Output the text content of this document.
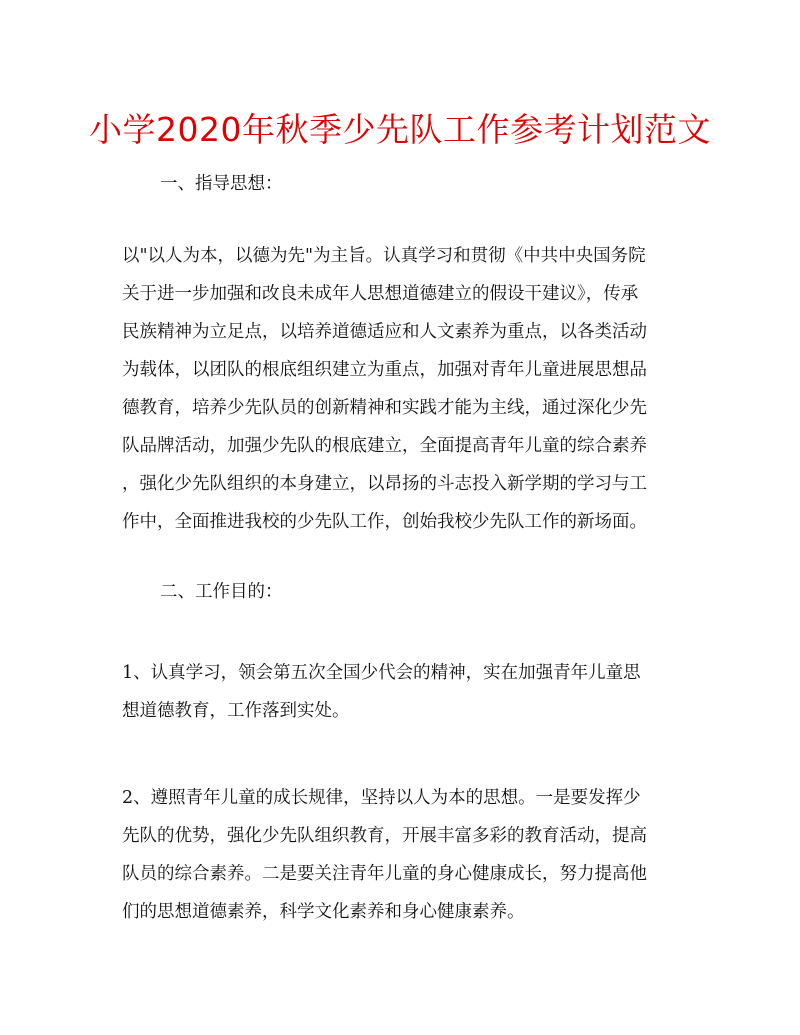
小学2020年秋季少先队工作参考计划范文
一、指导思想：
以"以人为本，以德为先"为主旨。认真学习和贯彻《中共中央国务院
关于进一步加强和改良未成年人思想道德建立的假设干建议》，传承
民族精神为立足点，以培养道德适应和人文素养为重点，以各类活动
为载体，以团队的根底组织建立为重点，加强对青年儿童进展思想品
德教育，培养少先队员的创新精神和实践才能为主线，通过深化少先
队品牌活动，加强少先队的根底建立，全面提高青年儿童的综合素养
，强化少先队组织的本身建立，以昂扬的斗志投入新学期的学习与工
作中，全面推进我校的少先队工作，创始我校少先队工作的新场面。
二、工作目的：
1、认真学习，领会第五次全国少代会的精神，实在加强青年儿童思
想道德教育，工作落到实处。
2、遵照青年儿童的成长规律，坚持以人为本的思想。一是要发挥少
先队的优势，强化少先队组织教育，开展丰富多彩的教育活动，提高
队员的综合素养。二是要关注青年儿童的身心健康成长，努力提高他
们的思想道德素养，科学文化素养和身心健康素养。
